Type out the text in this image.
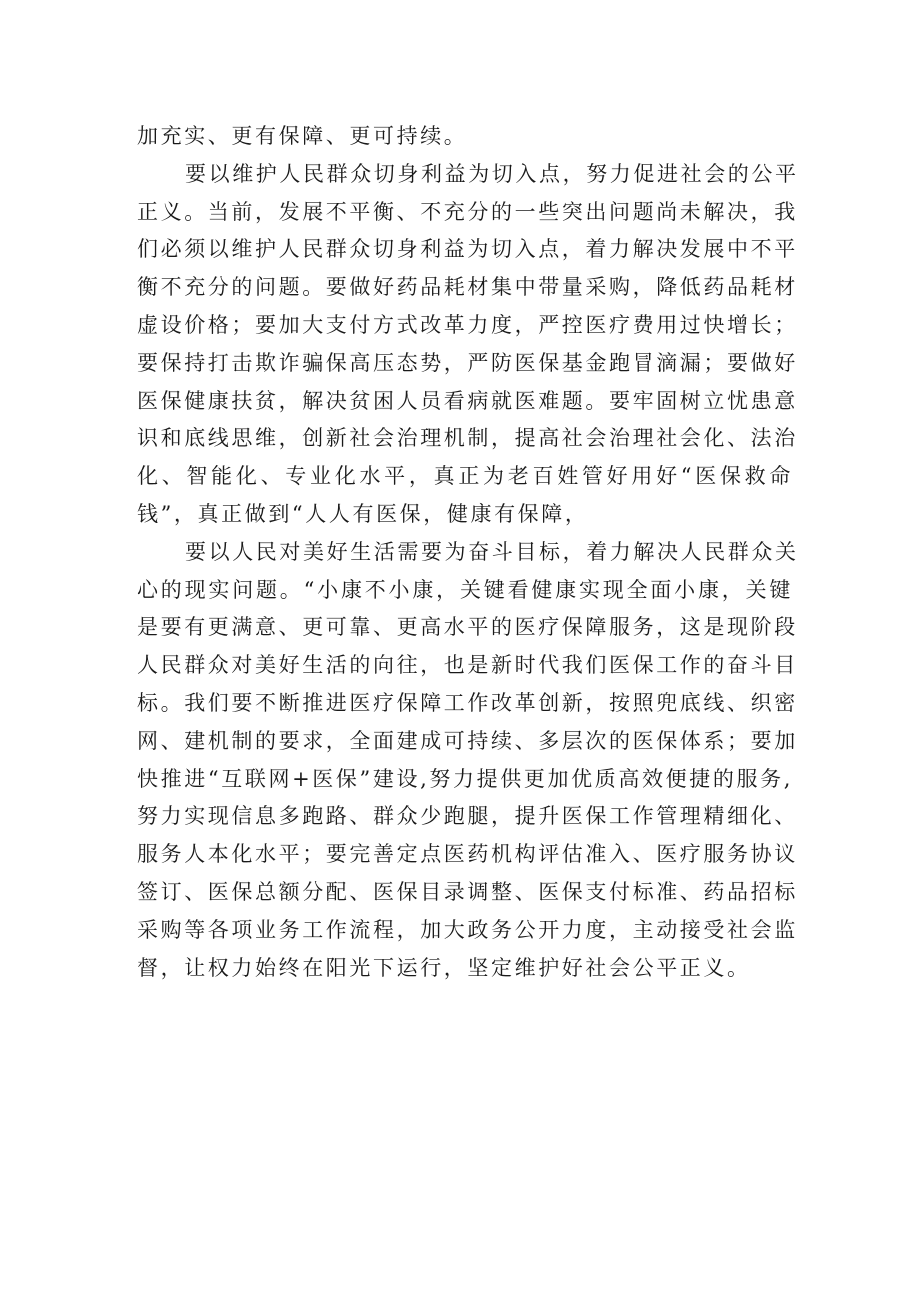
加充实、更有保障、更可持续。
要以维护人民群众切身利益为切入点，努力促进社会的公平
正义。当前，发展不平衡、不充分的一些突出问题尚未解决，我
们必须以维护人民群众切身利益为切入点，着力解决发展中不平
衡不充分的问题。要做好药品耗材集中带量采购，降低药品耗材
虚设价格；要加大支付方式改革力度，严控医疗费用过快增长；
要保持打击欺诈骗保高压态势，严防医保基金跑冒滴漏；要做好
医保健康扶贫，解决贫困人员看病就医难题。要牢固树立忧患意
识和底线思维，创新社会治理机制，提高社会治理社会化、法治
化、智能化、专业化水平，真正为老百姓管好用好“医保救命
钱”，真正做到“人人有医保，健康有保障，
要以人民对美好生活需要为奋斗目标，着力解决人民群众关
心的现实问题。“小康不小康，关键看健康实现全面小康，关键
是要有更满意、更可靠、更高水平的医疗保障服务，这是现阶段
人民群众对美好生活的向往，也是新时代我们医保工作的奋斗目
标。我们要不断推进医疗保障工作改革创新，按照兜底线、织密
网、建机制的要求，全面建成可持续、多层次的医保体系；要加
快推进“互联网+医保”建设,努力提供更加优质高效便捷的服务,
努力实现信息多跑路、群众少跑腿，提升医保工作管理精细化、
服务人本化水平；要完善定点医药机构评估准入、医疗服务协议
签订、医保总额分配、医保目录调整、医保支付标准、药品招标
采购等各项业务工作流程，加大政务公开力度，主动接受社会监
督，让权力始终在阳光下运行，坚定维护好社会公平正义。
